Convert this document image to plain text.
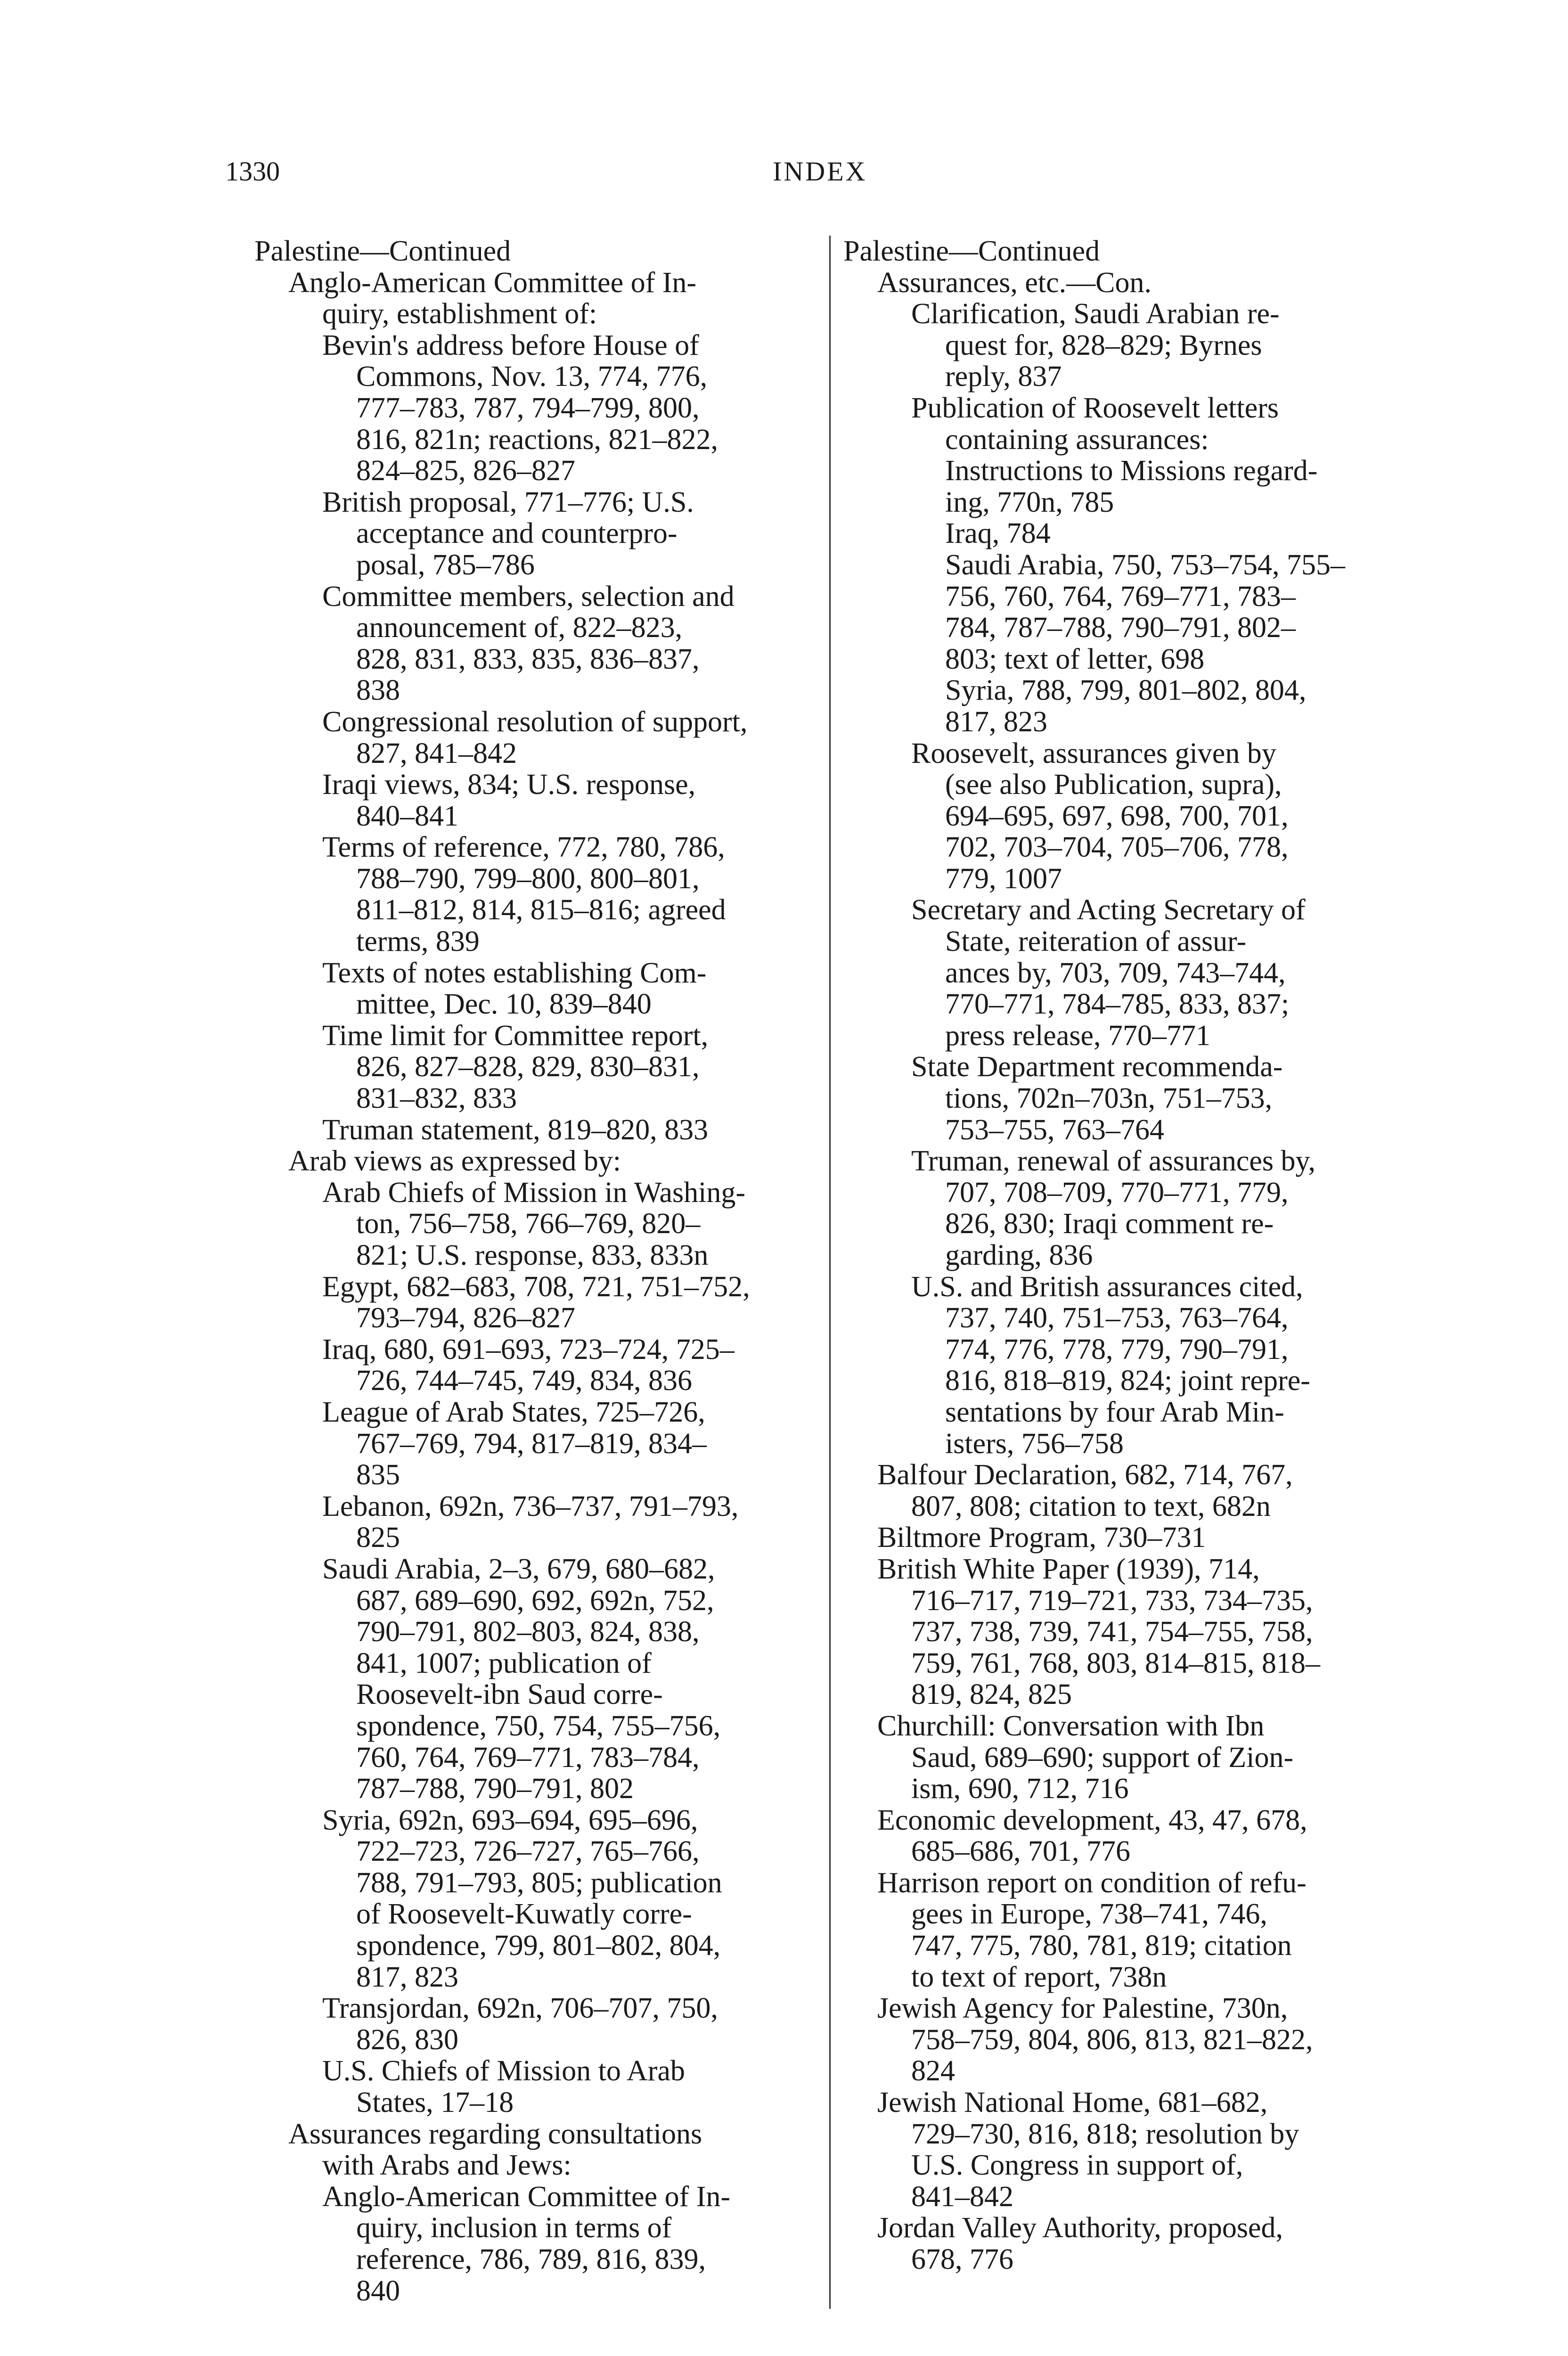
1330	INDEX
Palestine—Continued
Anglo-American Committee of In-
quiry, establishment of:
Bevin's address before House of
Commons, Nov. 13, 774, 776,
777–783, 787, 794–799, 800,
816, 821n; reactions, 821–822,
824–825, 826–827
British proposal, 771–776; U.S.
acceptance and counterpro-
posal, 785–786
Committee members, selection and
announcement of, 822–823,
828, 831, 833, 835, 836–837,
838
Congressional resolution of support,
827, 841–842
Iraqi views, 834; U.S. response,
840–841
Terms of reference, 772, 780, 786,
788–790, 799–800, 800–801,
811–812, 814, 815–816; agreed
terms, 839
Texts of notes establishing Com-
mittee, Dec. 10, 839–840
Time limit for Committee report,
826, 827–828, 829, 830–831,
831–832, 833
Truman statement, 819–820, 833
Arab views as expressed by:
Arab Chiefs of Mission in Washing-
ton, 756–758, 766–769, 820–
821; U.S. response, 833, 833n
Egypt, 682–683, 708, 721, 751–752,
793–794, 826–827
Iraq, 680, 691–693, 723–724, 725–
726, 744–745, 749, 834, 836
League of Arab States, 725–726,
767–769, 794, 817–819, 834–
835
Lebanon, 692n, 736–737, 791–793,
825
Saudi Arabia, 2–3, 679, 680–682,
687, 689–690, 692, 692n, 752,
790–791, 802–803, 824, 838,
841, 1007; publication of
Roosevelt-ibn Saud corre-
spondence, 750, 754, 755–756,
760, 764, 769–771, 783–784,
787–788, 790–791, 802
Syria, 692n, 693–694, 695–696,
722–723, 726–727, 765–766,
788, 791–793, 805; publication
of Roosevelt-Kuwatly corre-
spondence, 799, 801–802, 804,
817, 823
Transjordan, 692n, 706–707, 750,
826, 830
U.S. Chiefs of Mission to Arab
States, 17–18
Assurances regarding consultations
with Arabs and Jews:
Anglo-American Committee of In-
quiry, inclusion in terms of
reference, 786, 789, 816, 839,
840
Palestine—Continued
Assurances, etc.—Con.
Clarification, Saudi Arabian re-
quest for, 828–829; Byrnes
reply, 837
Publication of Roosevelt letters
containing assurances:
Instructions to Missions regard-
ing, 770n, 785
Iraq, 784
Saudi Arabia, 750, 753–754, 755–
756, 760, 764, 769–771, 783–
784, 787–788, 790–791, 802–
803; text of letter, 698
Syria, 788, 799, 801–802, 804,
817, 823
Roosevelt, assurances given by
(see also Publication, supra),
694–695, 697, 698, 700, 701,
702, 703–704, 705–706, 778,
779, 1007
Secretary and Acting Secretary of
State, reiteration of assur-
ances by, 703, 709, 743–744,
770–771, 784–785, 833, 837;
press release, 770–771
State Department recommenda-
tions, 702n–703n, 751–753,
753–755, 763–764
Truman, renewal of assurances by,
707, 708–709, 770–771, 779,
826, 830; Iraqi comment re-
garding, 836
U.S. and British assurances cited,
737, 740, 751–753, 763–764,
774, 776, 778, 779, 790–791,
816, 818–819, 824; joint repre-
sentations by four Arab Min-
isters, 756–758
Balfour Declaration, 682, 714, 767,
807, 808; citation to text, 682n
Biltmore Program, 730–731
British White Paper (1939), 714,
716–717, 719–721, 733, 734–735,
737, 738, 739, 741, 754–755, 758,
759, 761, 768, 803, 814–815, 818–
819, 824, 825
Churchill: Conversation with Ibn
Saud, 689–690; support of Zion-
ism, 690, 712, 716
Economic development, 43, 47, 678,
685–686, 701, 776
Harrison report on condition of refu-
gees in Europe, 738–741, 746,
747, 775, 780, 781, 819; citation
to text of report, 738n
Jewish Agency for Palestine, 730n,
758–759, 804, 806, 813, 821–822,
824
Jewish National Home, 681–682,
729–730, 816, 818; resolution by
U.S. Congress in support of,
841–842
Jordan Valley Authority, proposed,
678, 776
